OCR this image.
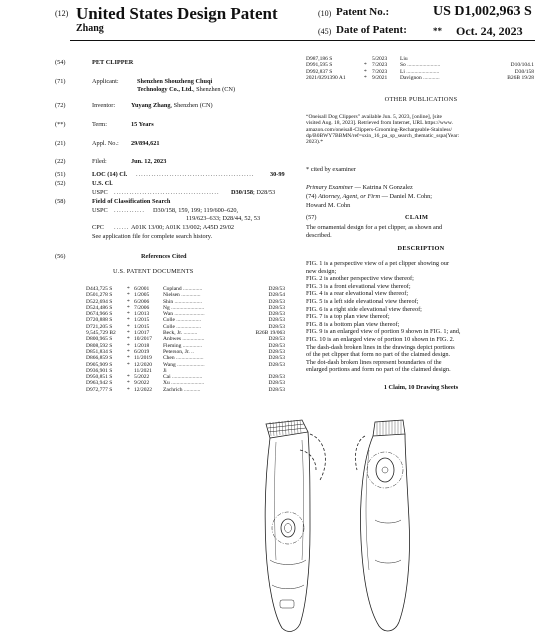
(12) United States Design Patent	(10) Patent No.:	US D1,002,963 S
Zhang	(45) Date of Patent:	** Oct. 24, 2023
(54)	PET CLIPPER
(71)	Applicant:	Shenzhen Shouzheng Chuqi
Technology Co., Ltd., Shenzhen (CN)
(72)	Inventor:	Yuyang Zhang, Shenzhen (CN)
(**)	Term:	15 Years
(21)	Appl. No.: 29/894,621
(22)	Filed:	Jun. 12, 2023
(51)	LOC (14) Cl. .............................................. 30-99
(52)	U.S. Cl.
USPC ......................................... D30/158; D28/53
(58)	Field of Classification Search
USPC ............ D30/158, 159, 199; 119/600–620,
119/623–633; D28/44, 52, 53
CPC ...... A01K 13/00; A01K 13/002; A45D 29/02
See application file for complete search history.
(56)	References Cited
U.S. PATENT DOCUMENTS
D443,725 S	*	6/2001	Copland ..............	D28/53
D501,278 S	*	1/2005	Nielsen ..............	D28/54
D522,694 S	*	6/2006	Shin ....................	D28/53
D524,486 S	*	7/2006	Ng ........................	D28/53
D674,966 S	*	1/2013	Wan ......................	D28/53
D720,888 S	*	1/2015	Colle ..................	D28/53
D721,205 S	*	1/2015	Colle ..................	D28/53
9,545,729 B2	*	1/2017	Beck, Jr. ..........	B26B 19/063
D800,965 S	*	10/2017	Anbwes ................	D28/53
D808,592 S	*	1/2018	Fleming ..............	D28/53
D851,834 S	*	6/2019	Peterson, Jr. ..	D28/53
D866,859 S	*	11/2019	Chen ....................	D28/53
D905,909 S	*	12/2020	Wang ....................	D28/53
D936,901 S		11/2021	Ji	
D950,851 S	*	5/2022	Cai ......................	D28/53
D963,942 S	*	9/2022	Xu ........................	D28/53
D972,777 S	*	12/2022	Zachrich ............	D28/53
D987,186 S		5/2023	Liu	
D991,595 S	*	7/2023	So ........................	D10/104.1
D992,837 S	*	7/2023	Li ........................	D30/158
2021/0291390 A1	*	9/2021	Davignon ............	B26B 19/28
OTHER PUBLICATIONS
“Oneisall Dog Clippers” available Jun. 5, 2023, [online], [site
visited Aug. 18, 2023]. Retrieved from Internet, URL https://www.
amazon.com/oneisall-Clippers-Grooming-Rechargeable-Stainless/
dp/B0BWY7BBMN/ref=sxin_16_pa_sp_search_thematic_sspa(Year:
2023).*
* cited by examiner
Primary Examiner — Katrina N Gonzalez
(74) Attorney, Agent, or Firm — Daniel M. Cohn;
Howard M. Cohn
(57)	CLAIM
The ornamental design for a pet clipper, as shown and
described.
DESCRIPTION
FIG. 1 is a perspective view of a pet clipper showing our
new design;
FIG. 2 is another perspective view thereof;
FIG. 3 is a front elevational view thereof;
FIG. 4 is a rear elevational view thereof;
FIG. 5 is a left side elevational view thereof;
FIG. 6 is a right side elevational view thereof;
FIG. 7 is a top plan view thereof;
FIG. 8 is a bottom plan view thereof;
FIG. 9 is an enlarged view of portion 9 shown in FIG. 1; and,
FIG. 10 is an enlarged view of portion 10 shown in FIG. 2.
The dash-dash broken lines in the drawings depict portions
of the pet clipper that form no part of the claimed design.
The dot-dash broken lines represent boundaries of the
enlarged portions and form no part of the claimed design.
1 Claim, 10 Drawing Sheets
